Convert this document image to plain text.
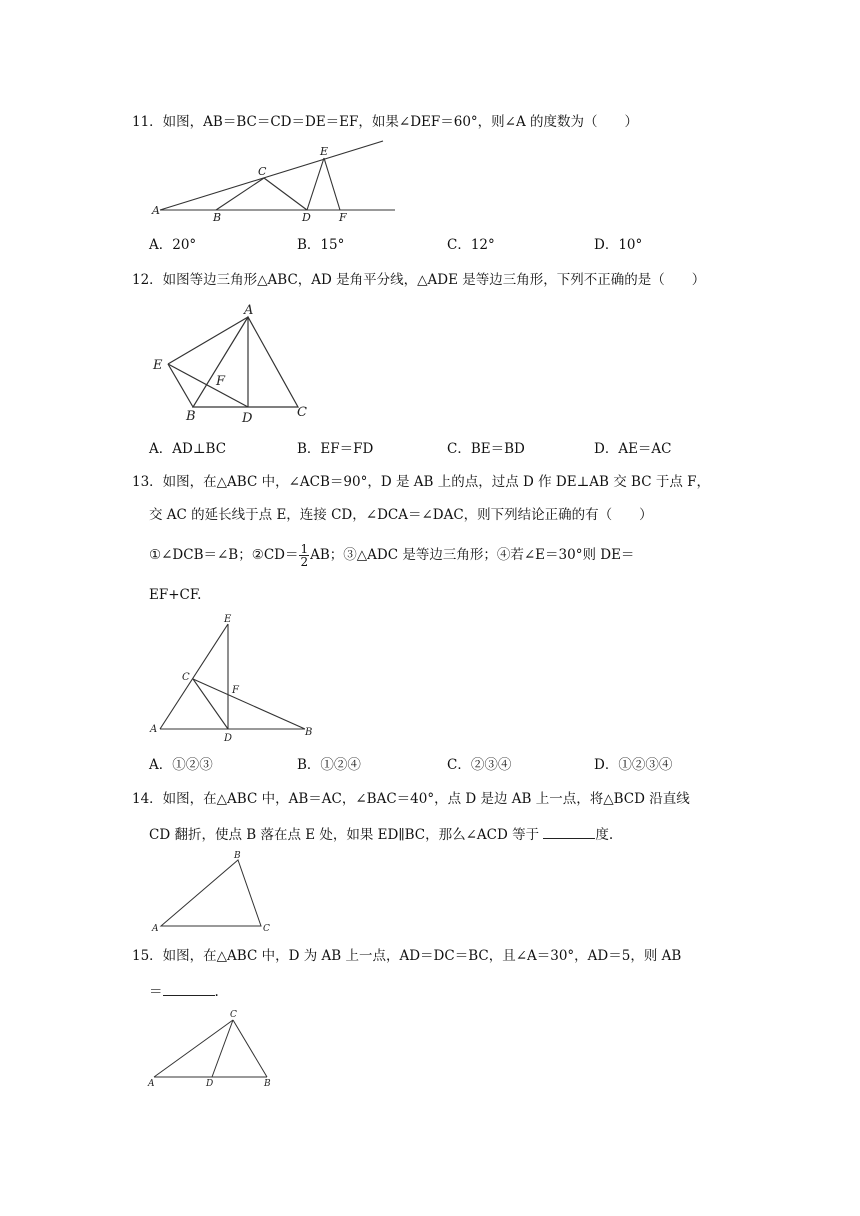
11．如图，AB＝BC＝CD＝DE＝EF，如果∠DEF＝60°，则∠A 的度数为（　　）
A
B
C
D
E
F
A．20°	B．15°	C．12°	D．10°
12．如图等边三角形△ABC，AD 是角平分线，△ADE 是等边三角形，下列不正确的是（　　）
A
B	C
D
E
F
A．AD⊥BC	B．EF＝FD	C．BE＝BD	D．AE＝AC
13．如图，在△ABC 中，∠ACB＝90°，D 是 AB 上的点，过点 D 作 DE⊥AB 交 BC 于点 F，
交 AC 的延长线于点 E，连接 CD，∠DCA＝∠DAC，则下列结论正确的有（　　）
①∠DCB＝∠B；②CD＝ $\frac{1}{2}$ AB；③△ADC 是等边三角形；④若∠E＝30°则 DE＝
EF+CF.
A	B
C
D
E
F
A．①②③	B．①②④	C．②③④	D．①②③④
14．如图，在△ABC 中，AB＝AC，∠BAC＝40°，点 D 是边 AB 上一点，将△BCD 沿直线
CD 翻折，使点 B 落在点 E 处，如果 ED∥BC，那么∠ACD 等于	度.
A
B
C
15．如图，在△ABC 中，D 为 AB 上一点，AD＝DC＝BC，且∠A＝30°，AD＝5，则 AB
＝	.
A	B
C
D
